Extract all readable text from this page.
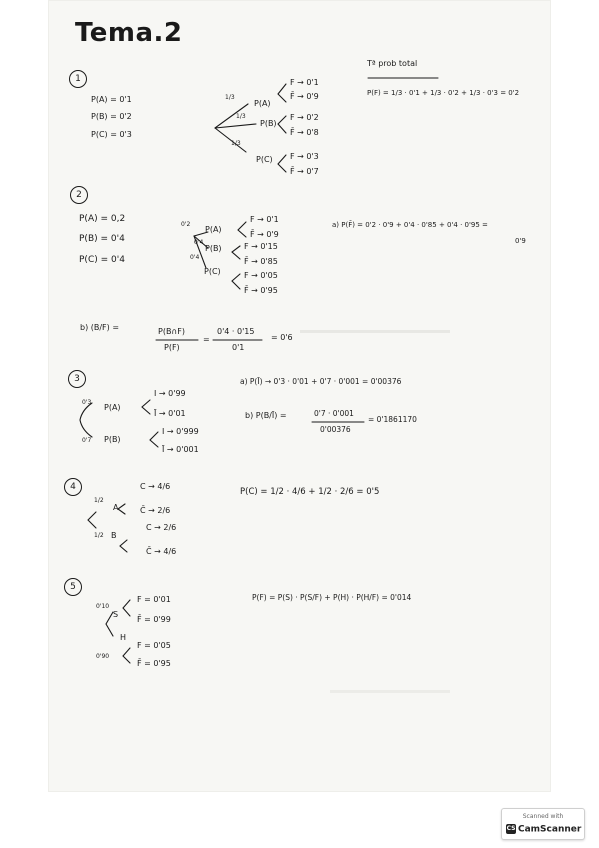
Tema.2
1
P(A) = 0'1
P(B) = 0'2
P(C) = 0'3
1/3
1/3
1/3
P(A)
P(B)
P(C)
F → 0'1
F̄ → 0'9
F → 0'2
F̄ → 0'8
F → 0'3
F̄ → 0'7
Tª prob total
P(F) = 1/3 · 0'1 + 1/3 · 0'2 + 1/3 · 0'3 = 0'2
2
P(A) = 0,2
P(B) = 0'4
P(C) = 0'4
0'2
0'4
0'4
P(A)
P(B)
P(C)
F → 0'1
F̄ → 0'9
F → 0'15
F̄ → 0'85
F → 0'05
F̄ → 0'95
a) P(F̄) = 0'2 · 0'9 + 0'4 · 0'85 + 0'4 · 0'95 =
0'9
b) (B/F) =	P(B∩F)
P(F)
=
0'4 · 0'15
0'1
= 0'6
3
0'3
0'7
P(A)
P(B)
I → 0'99
Ī → 0'01
I → 0'999
Ī → 0'001
a) P(Ī) → 0'3 · 0'01 + 0'7 · 0'001 = 0'00376
b) P(B/Ī) =	0'7 · 0'001
0'00376
= 0'1861170
4
1/2
1/2
A
B
C → 4/6
C̄ → 2/6
C → 2/6
C̄ → 4/6
P(C) = 1/2 · 4/6 + 1/2 · 2/6 = 0'5
5
0'10
0'90
S
H
F = 0'01
F̄ = 0'99
F = 0'05
F̄ = 0'95
P(F) = P(S) · P(S/F) + P(H) · P(H/F) = 0'014
Scanned with
CS CamScanner
